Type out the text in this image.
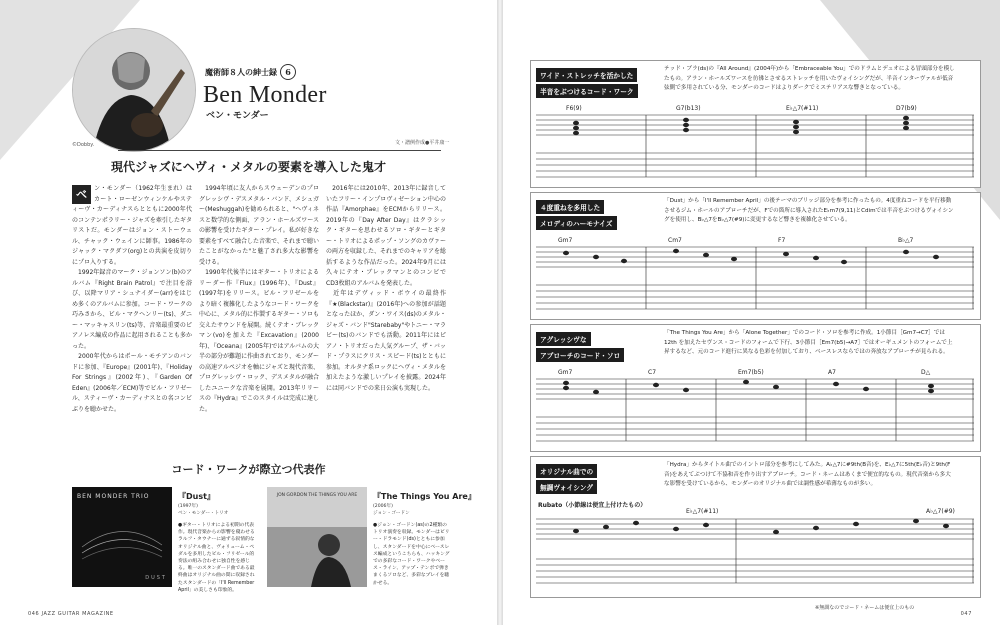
©Dobby.
魔術師８人の紳士録 6
Ben Monder
ベン・モンダー
文・譜例作成●平井康一
現代ジャズにヘヴィ・メタルの要素を導入した鬼才
ベ	ン・モンダー（1962年生まれ）はカート・ローゼンウィンケルやスティーヴ・カーディナスらとともに2000年代のコンテンポラリー・ジャズを牽引したギタリストだ。モンダーはジョン・ストーウェル、チャック・ウェインに師事。1986年のジャック・マクダフ(org)との共演を皮切りにプロ入りする。
　1992年録音のマーク・ジョンソン(b)のアルバム『Right Brain Patrol』で注目を浴び、以降マリア・シュナイダー(arr)をはじめ多くのアルバムに参加。コード・ワークの巧みさから、ビル・マクヘンリー(ts)、ダニー・マッキャスリン(ts)等、音楽最重要のピアノレス編成の作品に起用されることも多かった。
　2000年代からはポール・モチアンのバンドに参加、『Europe』(2001年)、『Holiday For Strings』(2002年)、『Garden Of Eden』(2006年／ECM)等でビル・フリゼール、スティーヴ・カーディナスとの名コンビぶりを聴かせた。

　1994年頃に友人からスウェーデンのプログレッシヴ・デスメタル・バンド、メシュガー(Meshuggah)を勧められると、"ヘヴィネスと数学的な側面、アラン・ホールズワースの影響を受けたギター・プレイ。私が好きな要素をすべて融合した音楽で、それまで聴いたことがなかった"と魅了され多大な影響を受ける。
　1990年代後半にはギター・トリオによるリーダー作『Flux』(1996年)、『Dust』(1997年)をリリース。ビル・フリゼールをより暗く複雑化したようなコード・ワークを中心に、メタル的に作製するギター・ソロも交えたサウンドを展開。続くテオ・ブレックマン(vo)を加えた『Excavation』(2000年)、『Oceana』(2005年)ではアルバムの大半の部分が難題に作曲されており、モンダーの高速アルペジオを軸にジャズと現代音楽、プログレッシヴ・ロック、デスメタルが融合したユニークな音楽を展開。2013年リリースの『Hydra』でこのスタイルは完成に達した。

　2016年には2010年、2013年に録音していたフリー・インプロヴィゼーション中心の作品『Amorphae』をECMからリリース。2019年の『Day After Day』はクラシック・ギターを思わせるソロ・ギターとギター・トリオによるポップ・ソングのカヴァーの両方を収録した、それまでのキャリアを総括するような作品だった。2024年9月には久々にテオ・ブレックマンとのコンビでCD3枚組のアルバムを発表した。
　近年はデヴィッド・ボウイの最終作『★(Blackstar)』(2016年)への参加が話題となったほか、ダン・ワイス(ds)のメタル・ジャズ・バンド"Starebaby"やトニー・マラビー(ts)のバンドでも活動。2011年にはピアノ・トリオだった人気グループ、ザ・バッド・プラスにクリス・スピード(ts)とともに参加。オルタナ系ロックにヘヴィ・メタルを加えたような激しいプレイを披露。2024年には同バンドでの来日公演も実現した。

コード・ワークが際立つ代表作
BEN MONDER TRIO
DUST
『Dust』
(1997年)
ベン・モンダー・トリオ
●ギター・トリオによる初期の代表作。現代音楽からの影響を窺わせるラルフ・タウナーに通ずる叙情的なオリジナル曲と、ヴォリューム・ペダルを多用したビル・フリゼール的奏法の組み合わせに独自性を感じる。唯一のスタンダード曲である最終曲はオリジナル曲の間に収録されたスタンダードの「I'll Remember April」の美しさも印象的。
JON GORDON THE THINGS YOU ARE	『The Things You Are』
(2006年)
ジョン・ゴードン
●ジョン・ゴードン(as)の2種類のトリオ演奏を収録。モンダーはビリー・ドラモンド(ds)とともに参加し、スタンダードを中心にベースレス編成というこちらも、ハッキングでの多彩なコード・ワークやベース・ライン、アップ・テンポで弾きまくるソロなど、多彩なプレイを聴かせる。
046 JAZZ GUITAR MAGAZINE
ワイド・ストレッチを活かした
半音をぶつけるコード・ワーク
テッド・ブラ(ds)の『All Around』(2004年)から「Embraceable You」でのドラムとデュオによる冒頭部分を模したもの。アラン・ホールズワースを彷彿とさせるストレッチを用いたヴォイシングだが、半音インターヴァルが低音弦側で多用されている分、モンダーのコードはよりダークでミステリアスな響きとなっている。
F6(9)	G7(b13)	E♭△7(#11)	D7(b9)
４度重ねを多用した
メロディのハーモナイズ
「Dust」から「I'll Remember April」の後テーマのブリッジ部分を参考に作ったもの。4度重ねコードを平行移動させるジム・ホールのアプローチだが、Fでの箇所に導入されたE♭m7(9,11)とCdimでは半音をぶつけるヴォイシングを使用し、B♭△7をB♭△7(#9)に変更するなど響きを複雑化させている。
Gm7	Cm7	F7	B♭△7
アグレッシヴな
アプローチのコード・ソロ
「The Things You Are」から「Alone Together」でのコード・ソロを参考に作成。1小節目［Gm7→C7］では12th を加えたセヴンス・コードのフォームで下行、3小節目［Em7(b5)→A7］ではオーギュメントのフォームで上昇するなど、元のコード進行に異なる色彩を付加しており、ベースレスならではの奔放なアプローチが見られる。
Gm7	C7	Em7(b5)	A7	D△
オリジナル曲での
無調ヴォイシング
「Hydra」からタイトル曲でのイントロ部分を参考にしてみた。A♭△7に#9th(B音)を、E♭△7に5th(E♭音)と9th(F音)をあえてぶつけて不協和音を作り出すアプローチ。コード・ネームはあくまで便宜的なもの。現代音楽から多大な影響を受けているから、モンダーのオリジナル曲では調性感が希薄なものが多い。
Rubato（小節線は便宜上付けたもの）
E♭△7(#11)	A♭△7(#9)
※無調なのでコード・ネームは便宜上のもの
047
